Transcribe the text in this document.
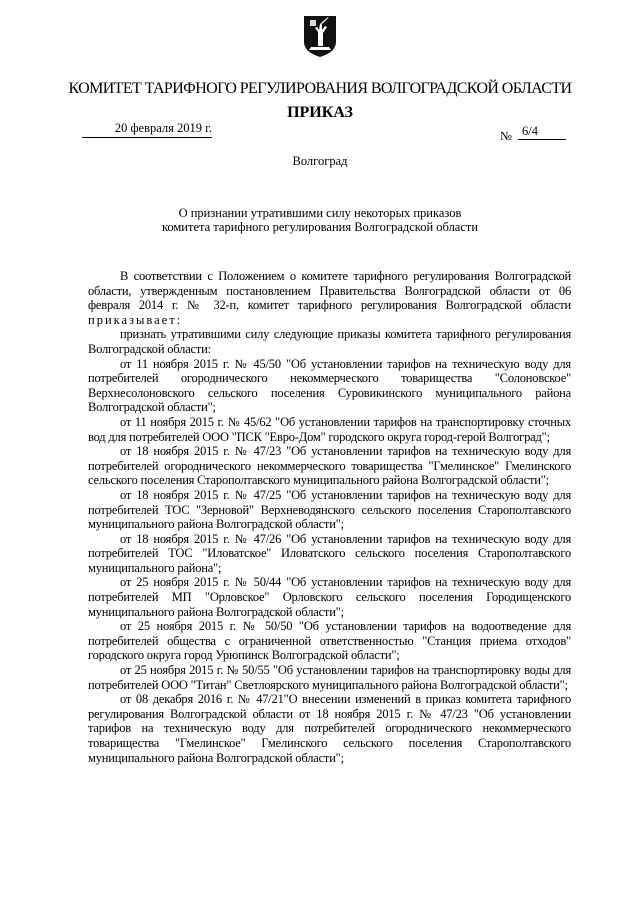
КОМИТЕТ ТАРИФНОГО РЕГУЛИРОВАНИЯ ВОЛГОГРАДСКОЙ ОБЛАСТИ
ПРИКАЗ
20 февраля 2019 г.
№ 6/4
Волгоград
О признании утратившими силу некоторых приказов
комитета тарифного регулирования Волгоградской области

В соответствии с Положением о комитете тарифного регулирования Волгоградской области, утвержденным постановлением Правительства Волгоградской области от 06 февраля 2014 г. № 32-п, комитет тарифного регулирования Волгоградской области приказывает:

признать утратившими силу следующие приказы комитета тарифного регулирования Волгоградской области:

от 11 ноября 2015 г. № 45/50 "Об установлении тарифов на техническую воду для потребителей огороднического некоммерческого товарищества "Солоновское" Верхнесолоновского сельского поселения Суровикинского муниципального района Волгоградской области";

от 11 ноября 2015 г. № 45/62 "Об установлении тарифов на транспортировку сточных вод для потребителей ООО "ПСК "Евро-Дом" городского округа город-герой Волгоград";

от 18 ноября 2015 г. № 47/23 "Об установлении тарифов на техническую воду для потребителей огороднического некоммерческого товарищества "Гмелинское" Гмелинского сельского поселения Старополтавского муниципального района Волгоградской области";

от 18 ноября 2015 г. № 47/25 "Об установлении тарифов на техническую воду для потребителей ТОС "Зерновой" Верхневодянского сельского поселения Старополтавского муниципального района Волгоградской области";

от 18 ноября 2015 г. № 47/26 "Об установлении тарифов на техническую воду для потребителей ТОС "Иловатское" Иловатского сельского поселения Старополтавского муниципального района";

от 25 ноября 2015 г. № 50/44 "Об установлении тарифов на техническую воду для потребителей МП "Орловское" Орловского сельского поселения Городищенского муниципального района Волгоградской области";

от 25 ноября 2015 г. № 50/50 "Об установлении тарифов на водоотведение для потребителей общества с ограниченной ответственностью "Станция приема отходов" городского округа город Урюпинск Волгоградской области";

от 25 ноября 2015 г. № 50/55 "Об установлении тарифов на транспортировку воды для потребителей ООО "Титан" Светлоярского муниципального района Волгоградской области";

от 08 декабря 2016 г. № 47/21"О внесении изменений в приказ комитета тарифного регулирования Волгоградской области от 18 ноября 2015 г. № 47/23 "Об установлении тарифов на техническую воду для потребителей огороднического некоммерческого товарищества "Гмелинское" Гмелинского сельского поселения Старополтавского муниципального района Волгоградской области";
